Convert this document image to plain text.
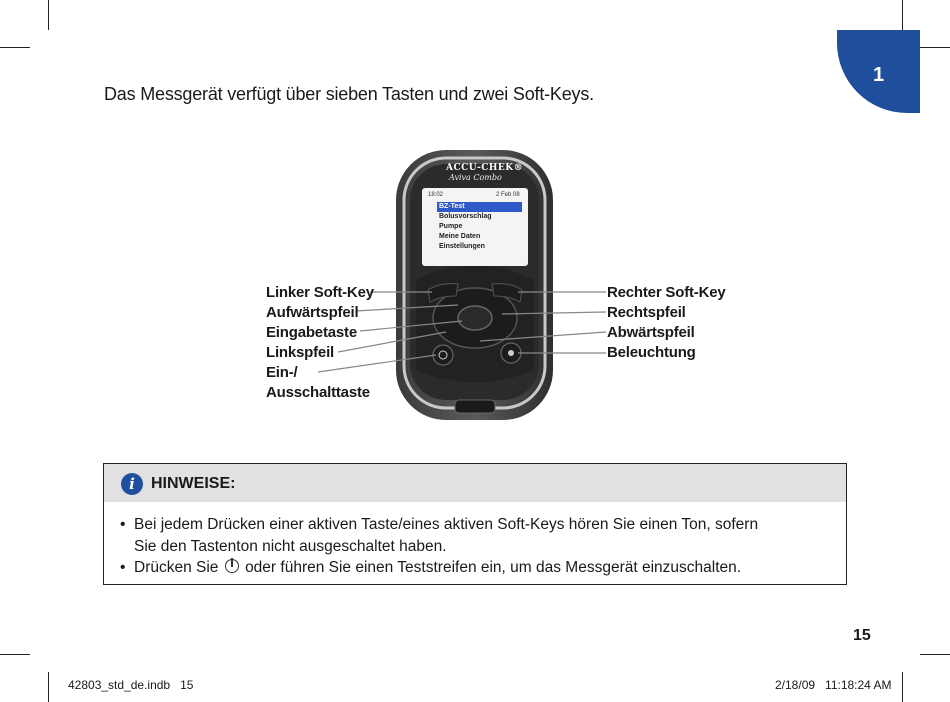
1
Das Messgerät verfügt über sieben Tasten und zwei Soft-Keys.
ACCU-CHEK®
Aviva Combo
18:02	2 Feb 08
BZ-Test
Bolusvorschlag
Pumpe
Meine Daten
Einstellungen
Linker Soft-Key
Aufwärtspfeil
Eingabetaste
Linkspfeil
Ein-/
Ausschalttaste
Rechter Soft-Key
Rechtspfeil
Abwärtspfeil
Beleuchtung
i	HINWEISE:
• Bei jedem Drücken einer aktiven Taste/eines aktiven Soft-Keys hören Sie einen Ton, sofern
Sie den Tastenton nicht ausgeschaltet haben.
• Drücken Sie oder führen Sie einen Teststreifen ein, um das Messgerät einzuschalten.
15
42803_std_de.indb   15	2/18/09   11:18:24 AM
